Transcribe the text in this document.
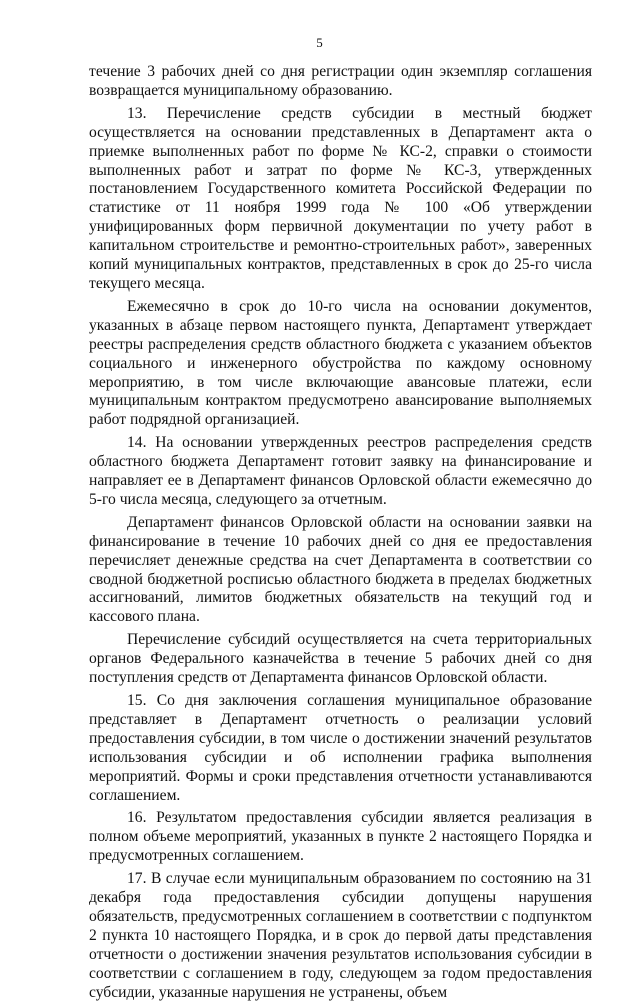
5

течение 3 рабочих дней со дня регистрации один экземпляр соглашения возвращается муниципальному образованию.

13. Перечисление средств субсидии в местный бюджет осуществляется на основании представленных в Департамент акта о приемке выполненных работ по форме № КС-2, справки о стоимости выполненных работ и затрат по форме № КС-3, утвержденных постановлением Государственного комитета Российской Федерации по статистике от 11 ноября 1999 года № 100 «Об утверждении унифицированных форм первичной документации по учету работ в капитальном строительстве и ремонтно-строительных работ», заверенных копий муниципальных контрактов, представленных в срок до 25-го числа текущего месяца.

Ежемесячно в срок до 10-го числа на основании документов, указанных в абзаце первом настоящего пункта, Департамент утверждает реестры распределения средств областного бюджета с указанием объектов социального и инженерного обустройства по каждому основному мероприятию, в том числе включающие авансовые платежи, если муниципальным контрактом предусмотрено авансирование выполняемых работ подрядной организацией.

14. На основании утвержденных реестров распределения средств областного бюджета Департамент готовит заявку на финансирование и направляет ее в Департамент финансов Орловской области ежемесячно до 5-го числа месяца, следующего за отчетным.

Департамент финансов Орловской области на основании заявки на финансирование в течение 10 рабочих дней со дня ее предоставления перечисляет денежные средства на счет Департамента в соответствии со сводной бюджетной росписью областного бюджета в пределах бюджетных ассигнований, лимитов бюджетных обязательств на текущий год и кассового плана.

Перечисление субсидий осуществляется на счета территориальных органов Федерального казначейства в течение 5 рабочих дней со дня поступления средств от Департамента финансов Орловской области.

15. Со дня заключения соглашения муниципальное образование представляет в Департамент отчетность о реализации условий предоставления субсидии, в том числе о достижении значений результатов использования субсидии и об исполнении графика выполнения мероприятий. Формы и сроки представления отчетности устанавливаются соглашением.

16. Результатом предоставления субсидии является реализация в полном объеме мероприятий, указанных в пункте 2 настоящего Порядка и предусмотренных соглашением.

17. В случае если муниципальным образованием по состоянию на 31 декабря года предоставления субсидии допущены нарушения обязательств, предусмотренных соглашением в соответствии с подпунктом 2 пункта 10 настоящего Порядка, и в срок до первой даты представления отчетности о достижении значения результатов использования субсидии в соответствии с соглашением в году, следующем за годом предоставления субсидии, указанные нарушения не устранены, объем
